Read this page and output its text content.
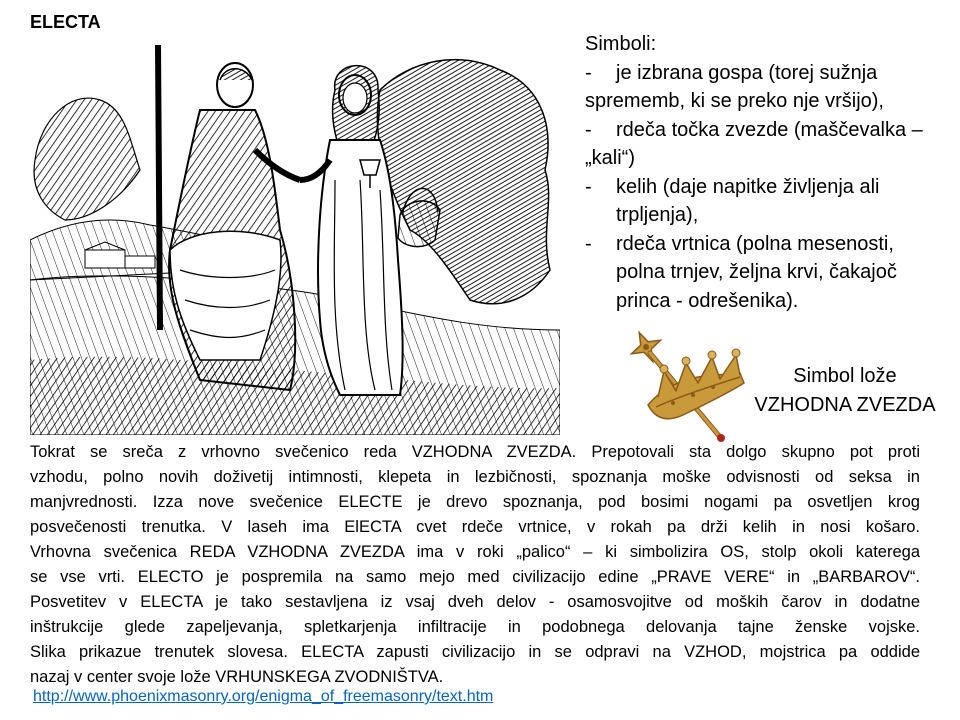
ELECTA

Simboli:

- je izbrana gospa (torej sužnja
sprememb, ki se preko nje vršijo),
- rdeča točka zvezde (maščevalka –
„kali“)
- kelih (daje napitke življenja ali
trpljenja),
- rdeča vrtnica (polna mesenosti,
polna trnjev, željna krvi, čakajoč
princa - odrešenika).
Simbol lože
VZHODNA ZVEZDA

Tokrat se sreča z vrhovno svečenico reda VZHODNA ZVEZDA. Prepotovali sta dolgo skupno pot proti

vzhodu, polno novih doživetij intimnosti, klepeta in lezbičnosti, spoznanja moške odvisnosti od seksa in

manjvrednosti. Izza nove svečenice ELECTE je drevo spoznanja, pod bosimi nogami pa osvetljen krog

posvečenosti trenutka. V laseh ima ElECTA cvet rdeče vrtnice, v rokah pa drži kelih in nosi košaro.

Vrhovna svečenica REDA VZHODNA ZVEZDA ima v roki „palico“ – ki simbolizira OS, stolp okoli katerega

se vse vrti. ELECTO je pospremila na samo mejo med civilizacijo edine „PRAVE VERE“ in „BARBAROV“.

Posvetitev v ELECTA je tako sestavljena iz vsaj dveh delov - osamosvojitve od moških čarov in dodatne

inštrukcije glede zapeljevanja, spletkarjenja infiltracije in podobnega delovanja tajne ženske vojske.

Slika prikazue trenutek slovesa. ELECTA zapusti civilizacijo in se odpravi na VZHOD, mojstrica pa oddide

nazaj v center svoje lože VRHUNSKEGA ZVODNIŠTVA.

http://www.phoenixmasonry.org/enigma_of_freemasonry/text.htm
